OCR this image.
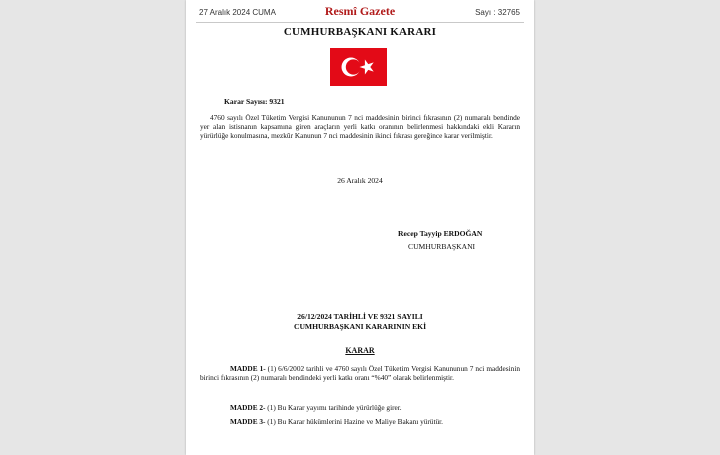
27 Aralık 2024 CUMA	Resmî Gazete	Sayı : 32765
CUMHURBAŞKANI KARARI
Karar Sayısı: 9321
4760 sayılı Özel Tüketim Vergisi Kanununun 7 nci maddesinin birinci fıkrasının (2) numaralı bendinde yer alan istisnanın kapsamına giren araçların yerli katkı oranının belirlenmesi hakkındaki ekli Kararın yürürlüğe konulmasına, mezkûr Kanunun 7 nci maddesinin ikinci fıkrası gereğince karar verilmiştir.
26 Aralık 2024
Recep Tayyip ERDOĞAN
CUMHURBAŞKANI
26/12/2024 TARİHLİ VE 9321 SAYILI
CUMHURBAŞKANI KARARININ EKİ
KARAR
MADDE 1- (1) 6/6/2002 tarihli ve 4760 sayılı Özel Tüketim Vergisi Kanununun 7 nci maddesinin birinci fıkrasının (2) numaralı bendindeki yerli katkı oranı “%40” olarak belirlenmiştir.
MADDE 2- (1) Bu Karar yayımı tarihinde yürürlüğe girer.
MADDE 3- (1) Bu Karar hükümlerini Hazine ve Maliye Bakanı yürütür.
